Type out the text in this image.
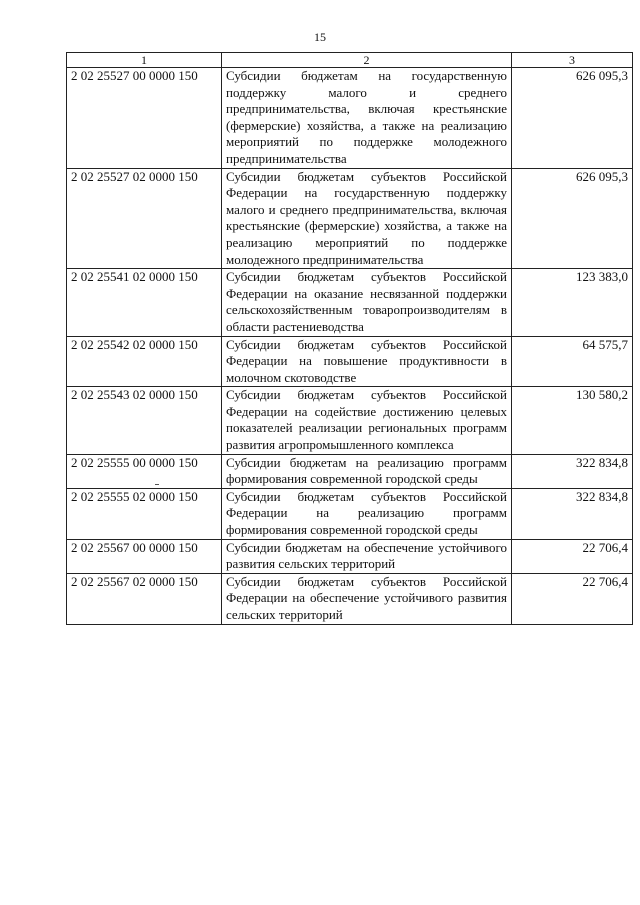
15
1	2	3
2 02 25527 00 0000 150	Субсидии бюджетам на государственную поддержку малого и среднего предпринимательства, включая крестьянские (фермерские) хозяйства, а также на реализацию мероприятий по поддержке молодежного предпринимательства	626 095,3
2 02 25527 02 0000 150	Субсидии бюджетам субъектов Российской Федерации на государственную поддержку малого и среднего предпринимательства, включая крестьянские (фермерские) хозяйства, а также на реализацию мероприятий по поддержке молодежного предпринимательства	626 095,3
2 02 25541 02 0000 150	Субсидии бюджетам субъектов Российской Федерации на оказание несвязанной поддержки сельскохозяйственным товаропроизводителям в области растениеводства	123 383,0
2 02 25542 02 0000 150	Субсидии бюджетам субъектов Российской Федерации на повышение продуктивности в молочном скотоводстве	64 575,7
2 02 25543 02 0000 150	Субсидии бюджетам субъектов Российской Федерации на содействие достижению целевых показателей реализации региональных программ развития агропромышленного комплекса	130 580,2
2 02 25555 00 0000 150	Субсидии бюджетам на реализацию программ формирования современной городской среды	322 834,8
2 02 25555 02 0000 150	Субсидии бюджетам субъектов Российской Федерации на реализацию программ формирования современной городской среды	322 834,8
2 02 25567 00 0000 150	Субсидии бюджетам на обеспечение устойчивого развития сельских территорий	22 706,4
2 02 25567 02 0000 150	Субсидии бюджетам субъектов Российской Федерации на обеспечение устойчивого развития сельских территорий	22 706,4
